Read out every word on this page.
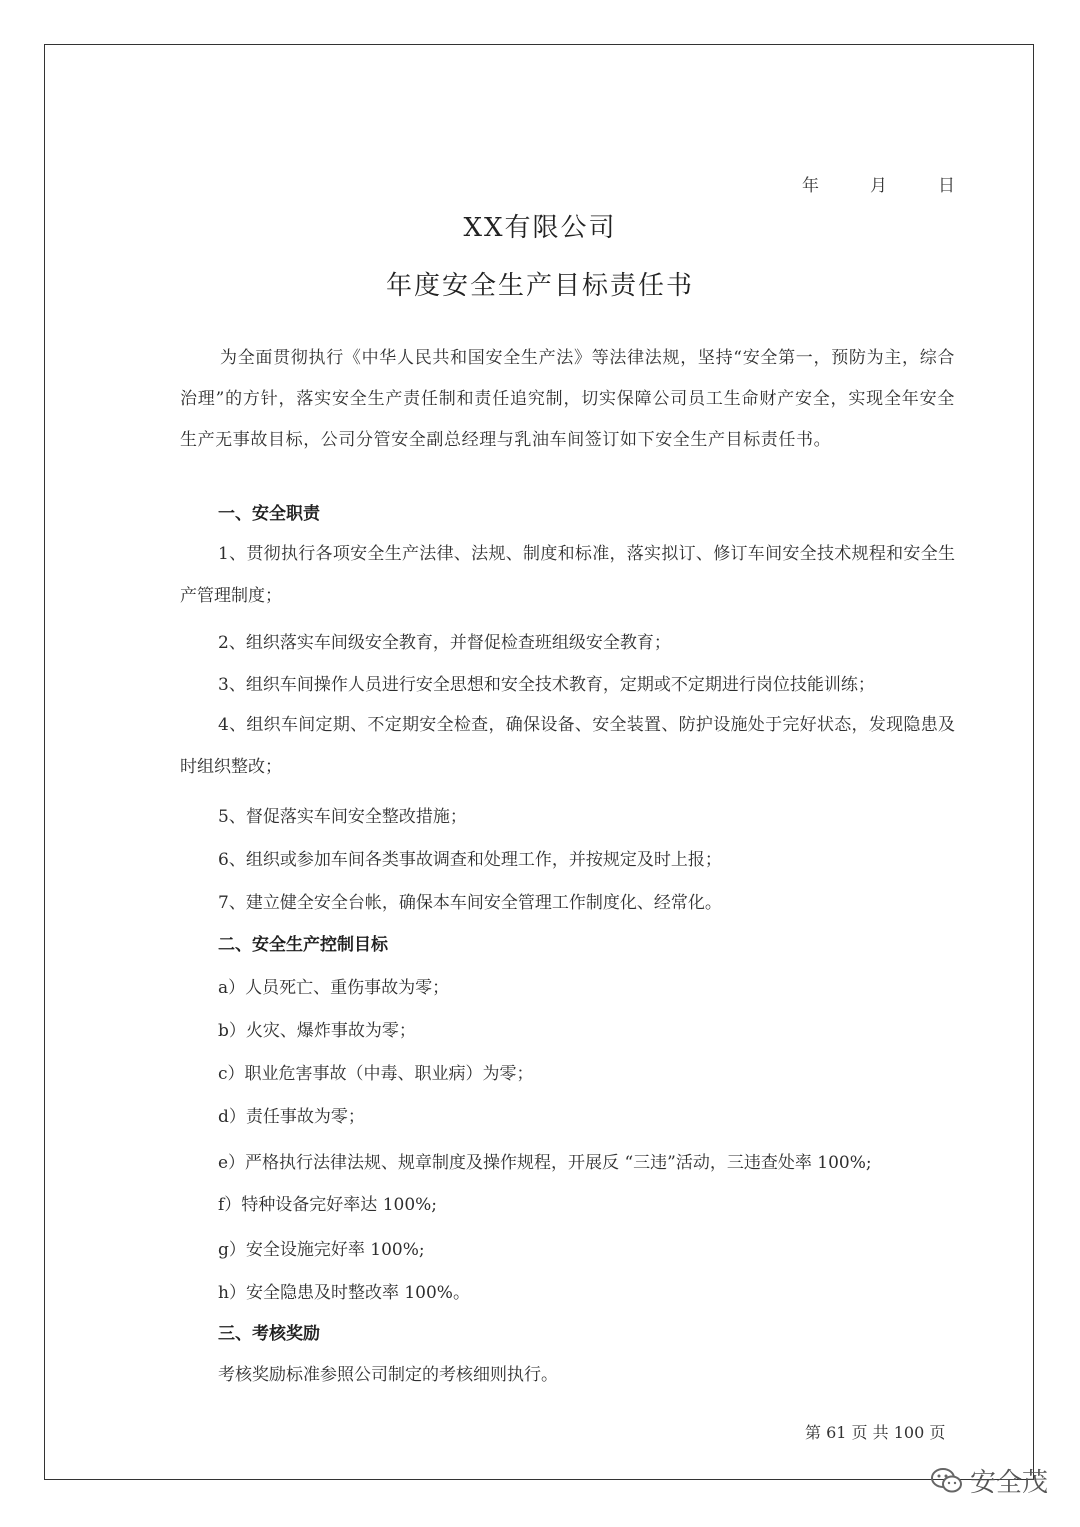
年	月	日
XX有限公司
年度安全生产目标责任书
为全面贯彻执行《中华人民共和国安全生产法》等法律法规，坚持“安全第一，预防为主，综合治理”的方针，落实安全生产责任制和责任追究制，切实保障公司员工生命财产安全，实现全年安全生产无事故目标，公司分管安全副总经理与乳油车间签订如下安全生产目标责任书。
一、安全职责
1、贯彻执行各项安全生产法律、法规、制度和标准，落实拟订、修订车间安全技术规程和安全生产管理制度；
2、组织落实车间级安全教育，并督促检查班组级安全教育；
3、组织车间操作人员进行安全思想和安全技术教育，定期或不定期进行岗位技能训练；
4、组织车间定期、不定期安全检查，确保设备、安全装置、防护设施处于完好状态，发现隐患及时组织整改；
5、督促落实车间安全整改措施；
6、组织或参加车间各类事故调查和处理工作，并按规定及时上报；
7、建立健全安全台帐，确保本车间安全管理工作制度化、经常化。
二、安全生产控制目标
a）人员死亡、重伤事故为零；
b）火灾、爆炸事故为零；
c）职业危害事故（中毒、职业病）为零；
d）责任事故为零；
e）严格执行法律法规、规章制度及操作规程，开展反 “三违”活动，三违查处率 100%;
f）特种设备完好率达 100%;
g）安全设施完好率 100%;
h）安全隐患及时整改率 100%。
三、考核奖励
考核奖励标准参照公司制定的考核细则执行。
第 61 页 共 100 页
安全茂
